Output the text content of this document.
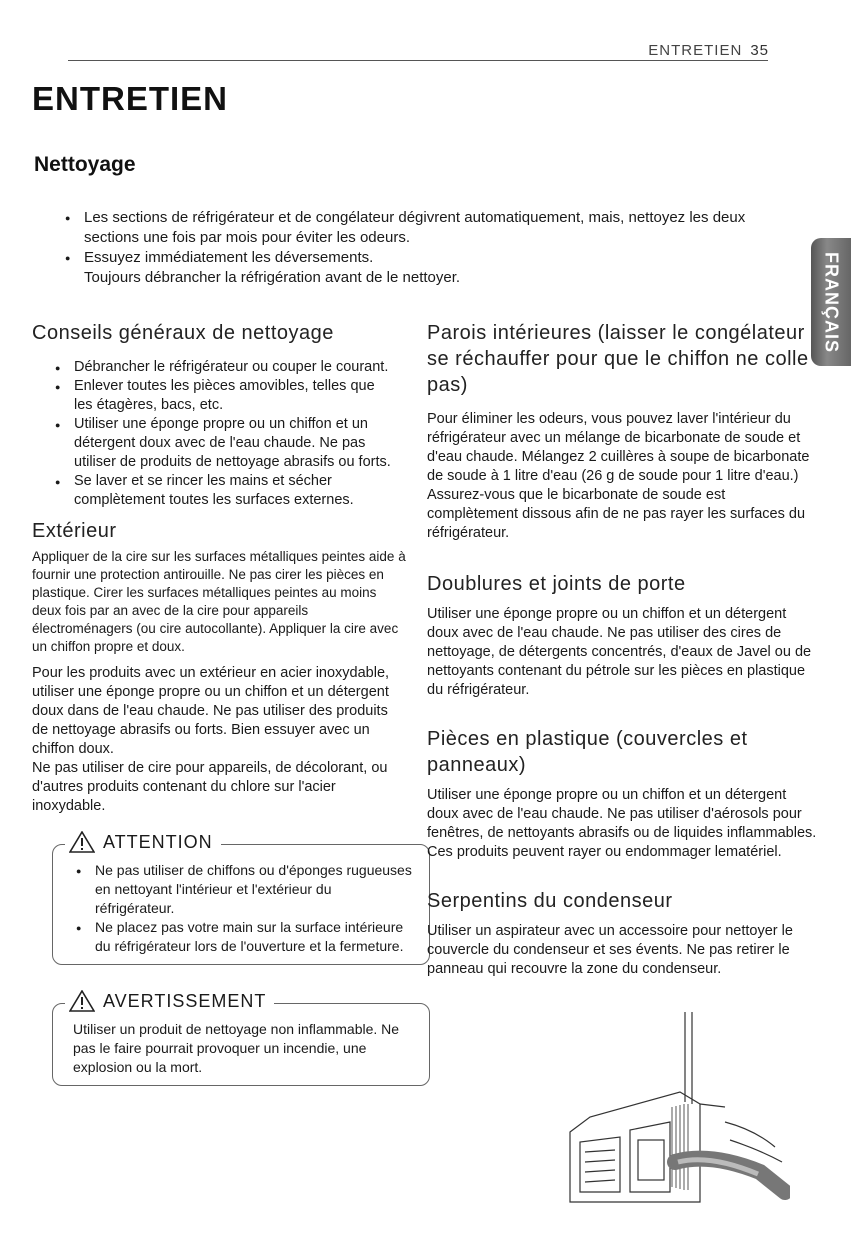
ENTRETIEN 35
ENTRETIEN
Nettoyage
● Les sections de réfrigérateur et de congélateur dégivrent automatiquement, mais, nettoyez les deux sections une fois par mois pour éviter les odeurs.
● Essuyez immédiatement les déversements.

Toujours débrancher la réfrigération avant de le nettoyer.	FRANÇAIS
Conseils généraux de nettoyage
● Débrancher le réfrigérateur ou couper le courant.
● Enlever toutes les pièces amovibles, telles que les étagères, bacs, etc.
● Utiliser une éponge propre ou un chiffon et un détergent doux avec de l'eau chaude. Ne pas utiliser de produits de nettoyage abrasifs ou forts.
● Se laver et se rincer les mains et sécher complètement toutes les surfaces externes.
Extérieur

Appliquer de la cire sur les surfaces métalliques peintes aide à fournir une protection antirouille. Ne pas cirer les pièces en plastique. Cirer les surfaces métalliques peintes au moins deux fois par an avec de la cire pour appareils électroménagers (ou cire autocollante). Appliquer la cire avec un chiffon propre et doux.

Pour les produits avec un extérieur en acier inoxydable, utiliser une éponge propre ou un chiffon et un détergent doux dans de l'eau chaude. Ne pas utiliser des produits de nettoyage abrasifs ou forts. Bien essuyer avec un chiffon doux.

Ne pas utiliser de cire pour appareils, de décolorant, ou d'autres produits contenant du chlore sur l'acier inoxydable.

ATTENTION
● Ne pas utiliser de chiffons ou d'éponges rugueuses en nettoyant l'intérieur et l'extérieur du réfrigérateur.
● Ne placez pas votre main sur la surface intérieure du réfrigérateur lors de l'ouverture et la fermeture.
AVERTISSEMENT

Utiliser un produit de nettoyage non inflammable. Ne pas le faire pourrait provoquer un incendie, une explosion ou la mort.

Parois intérieures (laisser le congélateur se réchauffer pour que le chiffon ne colle pas)

Pour éliminer les odeurs, vous pouvez laver l'intérieur du réfrigérateur avec un mélange de bicarbonate de soude et d'eau chaude. Mélangez 2 cuillères à soupe de bicarbonate de soude à 1 litre d'eau (26 g de soude pour 1 litre d'eau.) Assurez-vous que le bicarbonate de soude est complètement dissous afin de ne pas rayer les surfaces du réfrigérateur.

Doublures et joints de porte

Utiliser une éponge propre ou un chiffon et un détergent doux avec de l'eau chaude. Ne pas utiliser des cires de nettoyage, de détergents concentrés, d'eaux de Javel ou de nettoyants contenant du pétrole sur les pièces en plastique du réfrigérateur.

Pièces en plastique (couvercles et panneaux)

Utiliser une éponge propre ou un chiffon et un détergent doux avec de l'eau chaude. Ne pas utiliser d'aérosols pour fenêtres, de nettoyants abrasifs ou de liquides inflammables. Ces produits peuvent rayer ou endommager lematériel.

Serpentins du condenseur

Utiliser un aspirateur avec un accessoire pour nettoyer le couvercle du condenseur et ses évents. Ne pas retirer le panneau qui recouvre la zone du condenseur.
